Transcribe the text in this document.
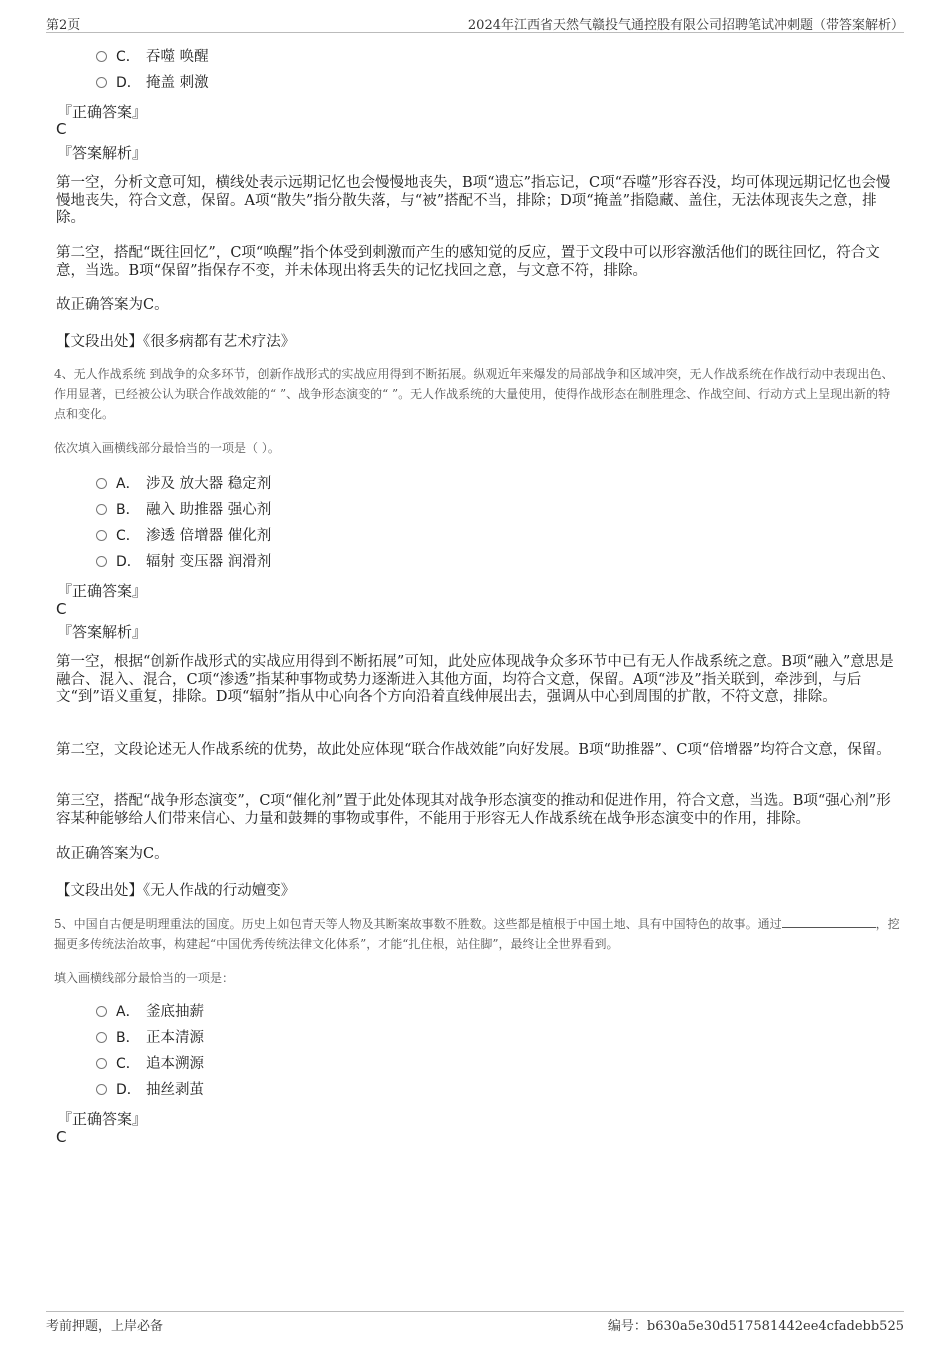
第2页	2024年江西省天然气赣投气通控股有限公司招聘笔试冲刺题（带答案解析）
C． 吞噬 唤醒
D． 掩盖 刺激
『正确答案』
C
『答案解析』
第一空，分析文意可知，横线处表示远期记忆也会慢慢地丧失，B项“遗忘”指忘记，C项“吞噬”形容吞没，均可体现远期记忆也会慢慢地丧失，符合文意，保留。A项“散失”指分散失落，与“被”搭配不当，排除；D项“掩盖”指隐藏、盖住，无法体现丧失之意，排除。
第二空，搭配“既往回忆”，C项“唤醒”指个体受到刺激而产生的感知觉的反应，置于文段中可以形容激活他们的既往回忆，符合文意，当选。B项“保留”指保存不变，并未体现出将丢失的记忆找回之意，与文意不符，排除。
故正确答案为C。
【文段出处】《很多病都有艺术疗法》
4、无人作战系统 到战争的众多环节，创新作战形式的实战应用得到不断拓展。纵观近年来爆发的局部战争和区域冲突，无人作战系统在作战行动中表现出色、作用显著，已经被公认为联合作战效能的“ ”、战争形态演变的“ ”。无人作战系统的大量使用，使得作战形态在制胜理念、作战空间、行动方式上呈现出新的特点和变化。
依次填入画横线部分最恰当的一项是（ ）。
A． 涉及 放大器 稳定剂
B． 融入 助推器 强心剂
C． 渗透 倍增器 催化剂
D． 辐射 变压器 润滑剂
『正确答案』
C
『答案解析』
第一空，根据“创新作战形式的实战应用得到不断拓展”可知，此处应体现战争众多环节中已有无人作战系统之意。B项“融入”意思是融合、混入、混合，C项“渗透”指某种事物或势力逐渐进入其他方面，均符合文意，保留。A项“涉及”指关联到，牵涉到，与后文“到”语义重复，排除。D项“辐射”指从中心向各个方向沿着直线伸展出去，强调从中心到周围的扩散，不符文意，排除。
第二空，文段论述无人作战系统的优势，故此处应体现“联合作战效能”向好发展。B项“助推器”、C项“倍增器”均符合文意，保留。
第三空，搭配“战争形态演变”，C项“催化剂”置于此处体现其对战争形态演变的推动和促进作用，符合文意，当选。B项“强心剂”形容某种能够给人们带来信心、力量和鼓舞的事物或事件，不能用于形容无人作战系统在战争形态演变中的作用，排除。
故正确答案为C。
【文段出处】《无人作战的行动嬗变》
5、中国自古便是明理重法的国度。历史上如包青天等人物及其断案故事数不胜数。这些都是植根于中国土地、具有中国特色的故事。通过	，挖掘更多传统法治故事，构建起“中国优秀传统法律文化体系”，才能“扎住根，站住脚”，最终让全世界看到。
填入画横线部分最恰当的一项是：
A． 釜底抽薪
B． 正本清源
C． 追本溯源
D． 抽丝剥茧
『正确答案』
C
考前押题，上岸必备	编号：b630a5e30d517581442ee4cfadebb525
